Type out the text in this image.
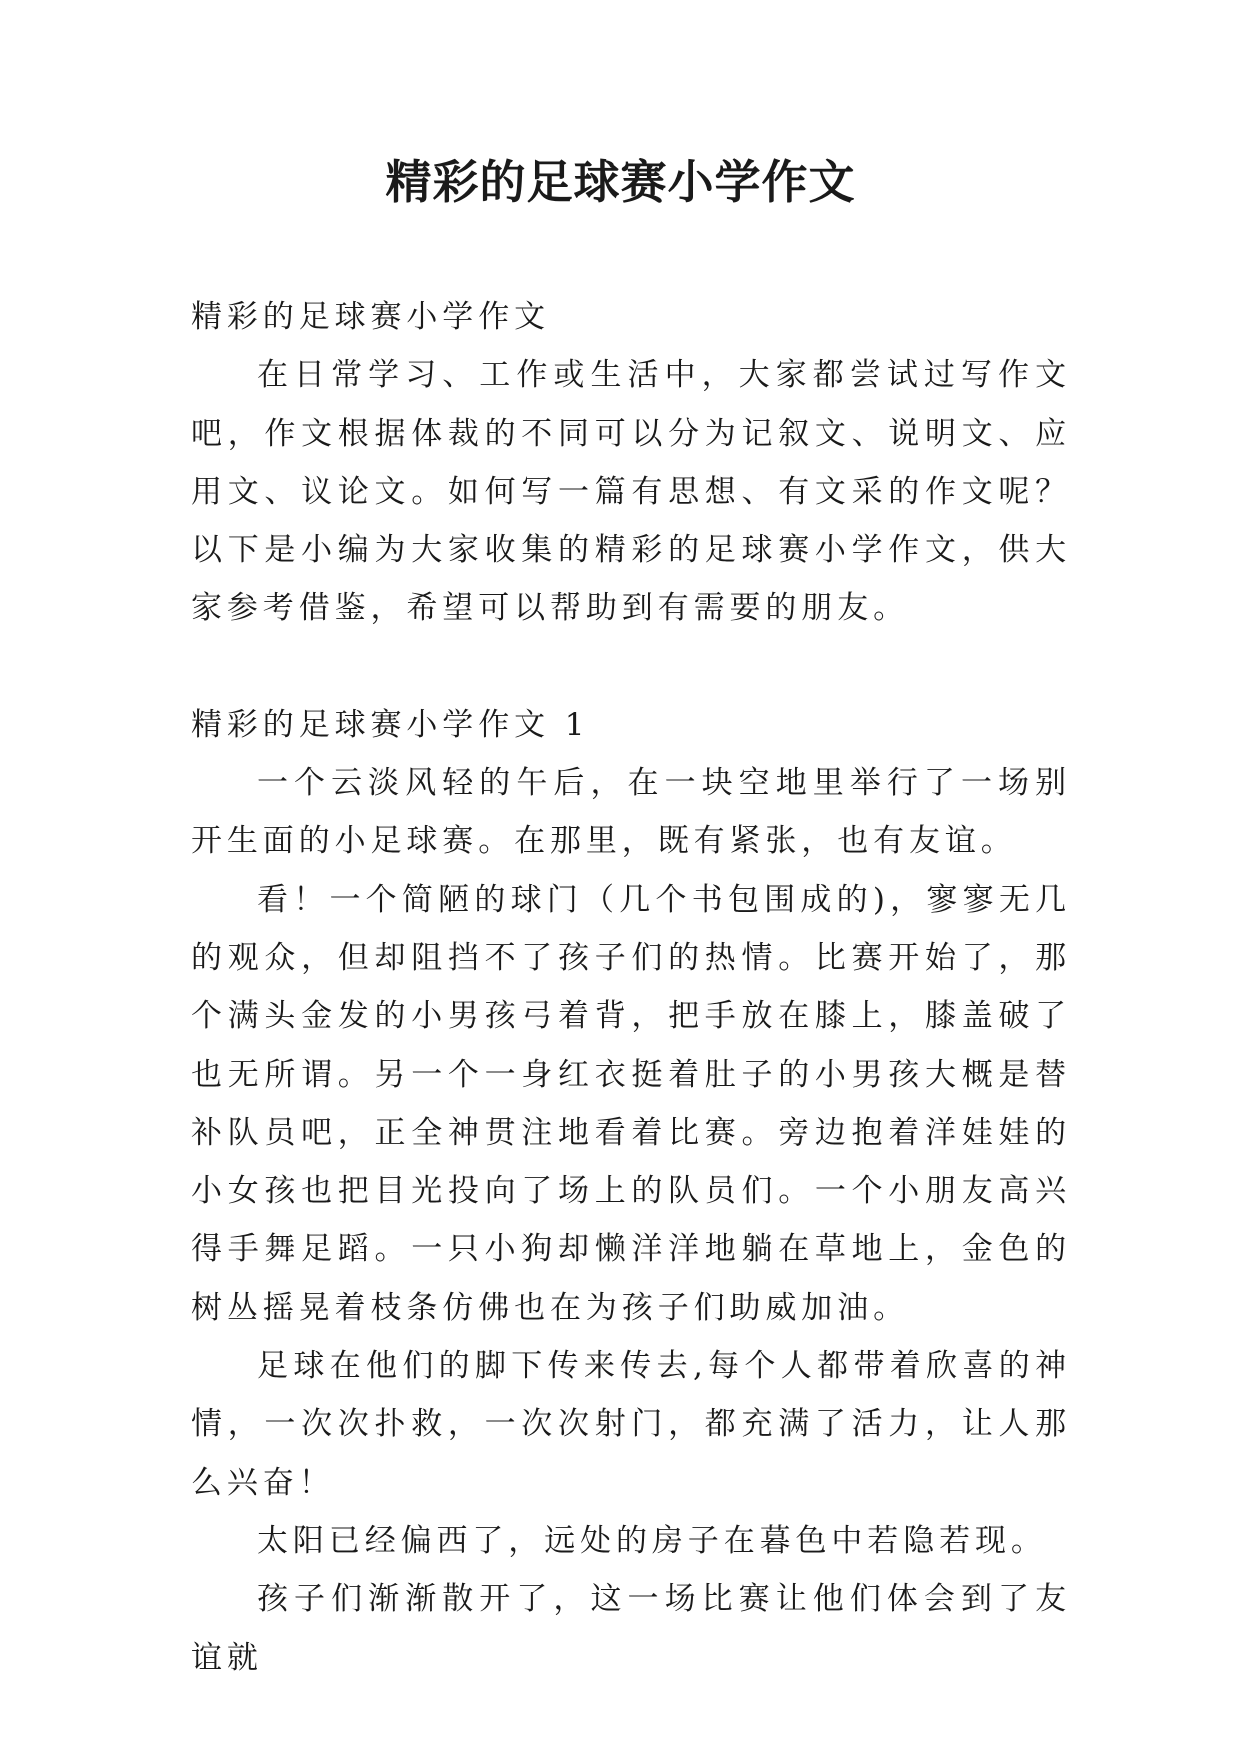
精彩的足球赛小学作文

精彩的足球赛小学作文

在日常学习、工作或生活中，大家都尝试过写作文吧，作文根据体裁的不同可以分为记叙文、说明文、应用文、议论文。如何写一篇有思想、有文采的作文呢？以下是小编为大家收集的精彩的足球赛小学作文，供大家参考借鉴，希望可以帮助到有需要的朋友。

精彩的足球赛小学作文 1

一个云淡风轻的午后，在一块空地里举行了一场别开生面的小足球赛。在那里，既有紧张，也有友谊。

看！一个简陋的球门（几个书包围成的)，寥寥无几的观众，但却阻挡不了孩子们的热情。比赛开始了，那个满头金发的小男孩弓着背，把手放在膝上，膝盖破了也无所谓。另一个一身红衣挺着肚子的小男孩大概是替补队员吧，正全神贯注地看着比赛。旁边抱着洋娃娃的小女孩也把目光投向了场上的队员们。一个小朋友高兴得手舞足蹈。一只小狗却懒洋洋地躺在草地上，金色的树丛摇晃着枝条仿佛也在为孩子们助威加油。

足球在他们的脚下传来传去,每个人都带着欣喜的神情，一次次扑救，一次次射门，都充满了活力，让人那么兴奋！

太阳已经偏西了，远处的房子在暮色中若隐若现。

孩子们渐渐散开了，这一场比赛让他们体会到了友谊就
